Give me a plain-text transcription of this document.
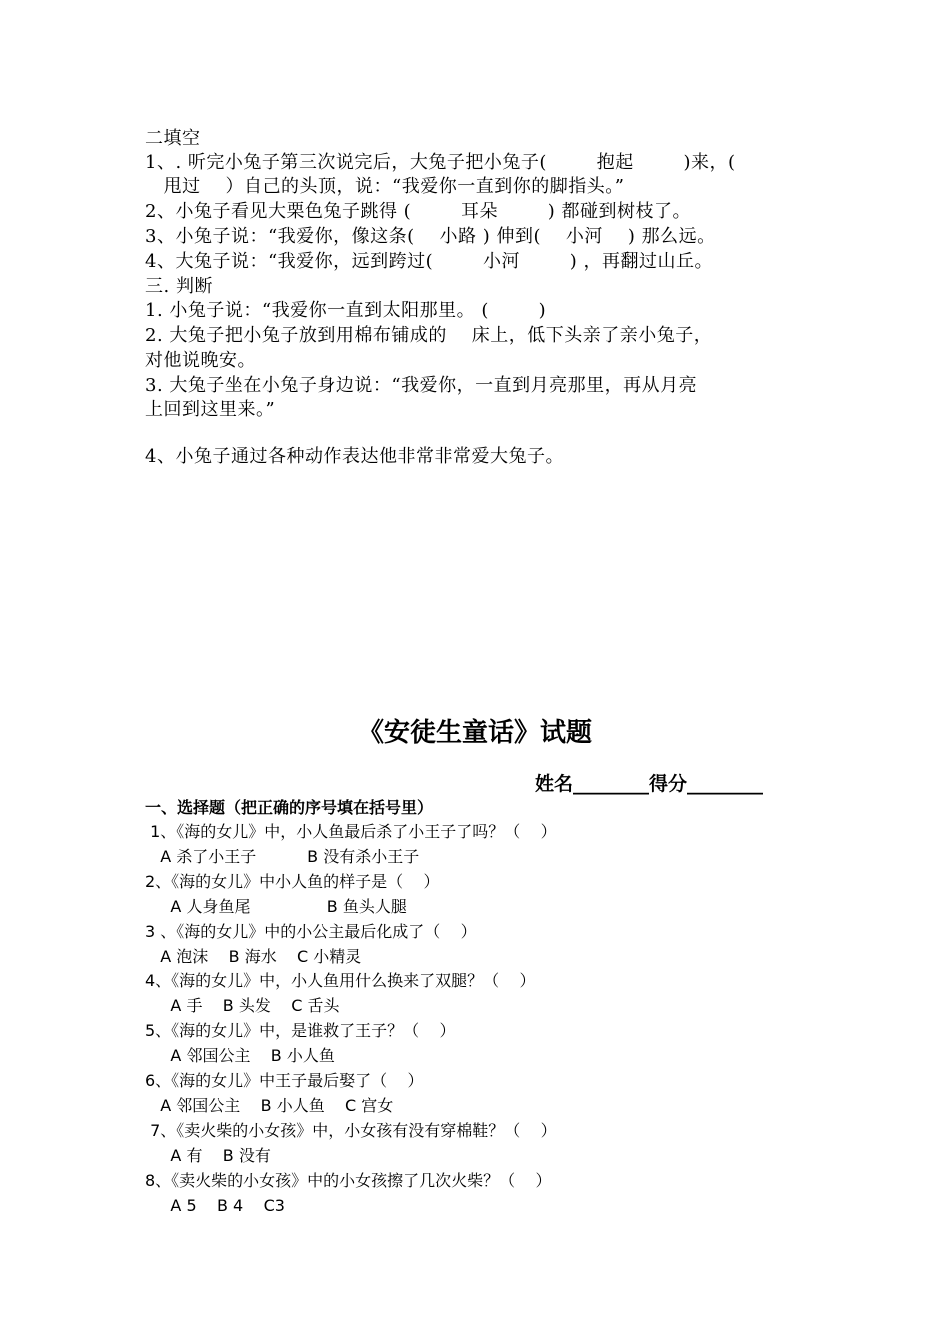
二填空
1、. 听完小兔子第三次说完后，大兔子把小兔子(        抱起        )来，(
甩过    ）自己的头顶，说：“我爱你一直到你的脚指头。”
2、小兔子看见大栗色兔子跳得 (        耳朵        ) 都碰到树枝了。
3、小兔子说：“我爱你，像这条(    小路 ) 伸到(    小河    ) 那么远。
4、大兔子说：“我爱你，远到跨过(        小河        ) ，再翻过山丘。
三. 判断
1. 小兔子说：“我爱你一直到太阳那里。 (        )
2. 大兔子把小兔子放到用棉布铺成的    床上，低下头亲了亲小兔子，
对他说晚安。
3. 大兔子坐在小兔子身边说：“我爱你，一直到月亮那里，再从月亮
上回到这里来。”
4、小兔子通过各种动作表达他非常非常爱大兔子。
《安徒生童话》试题
姓名________得分________
一、选择题（把正确的序号填在括号里）
1、《海的女儿》中，小人鱼最后杀了小王子了吗？（    ）
A 杀了小王子          B 没有杀小王子
2、《海的女儿》中小人鱼的样子是（    ）
A 人身鱼尾               B 鱼头人腿
3 、《海的女儿》中的小公主最后化成了（    ）
A 泡沫    B 海水    C 小精灵
4、《海的女儿》中，小人鱼用什么换来了双腿？（    ）
A 手    B 头发    C 舌头
5、《海的女儿》中，是谁救了王子？（    ）
A 邻国公主    B 小人鱼
6、《海的女儿》中王子最后娶了（    ）
A 邻国公主    B 小人鱼    C 宫女
7、《卖火柴的小女孩》中，小女孩有没有穿棉鞋？（    ）
A 有    B 没有
8、《卖火柴的小女孩》中的小女孩擦了几次火柴？（    ）
A 5    B 4    C3
